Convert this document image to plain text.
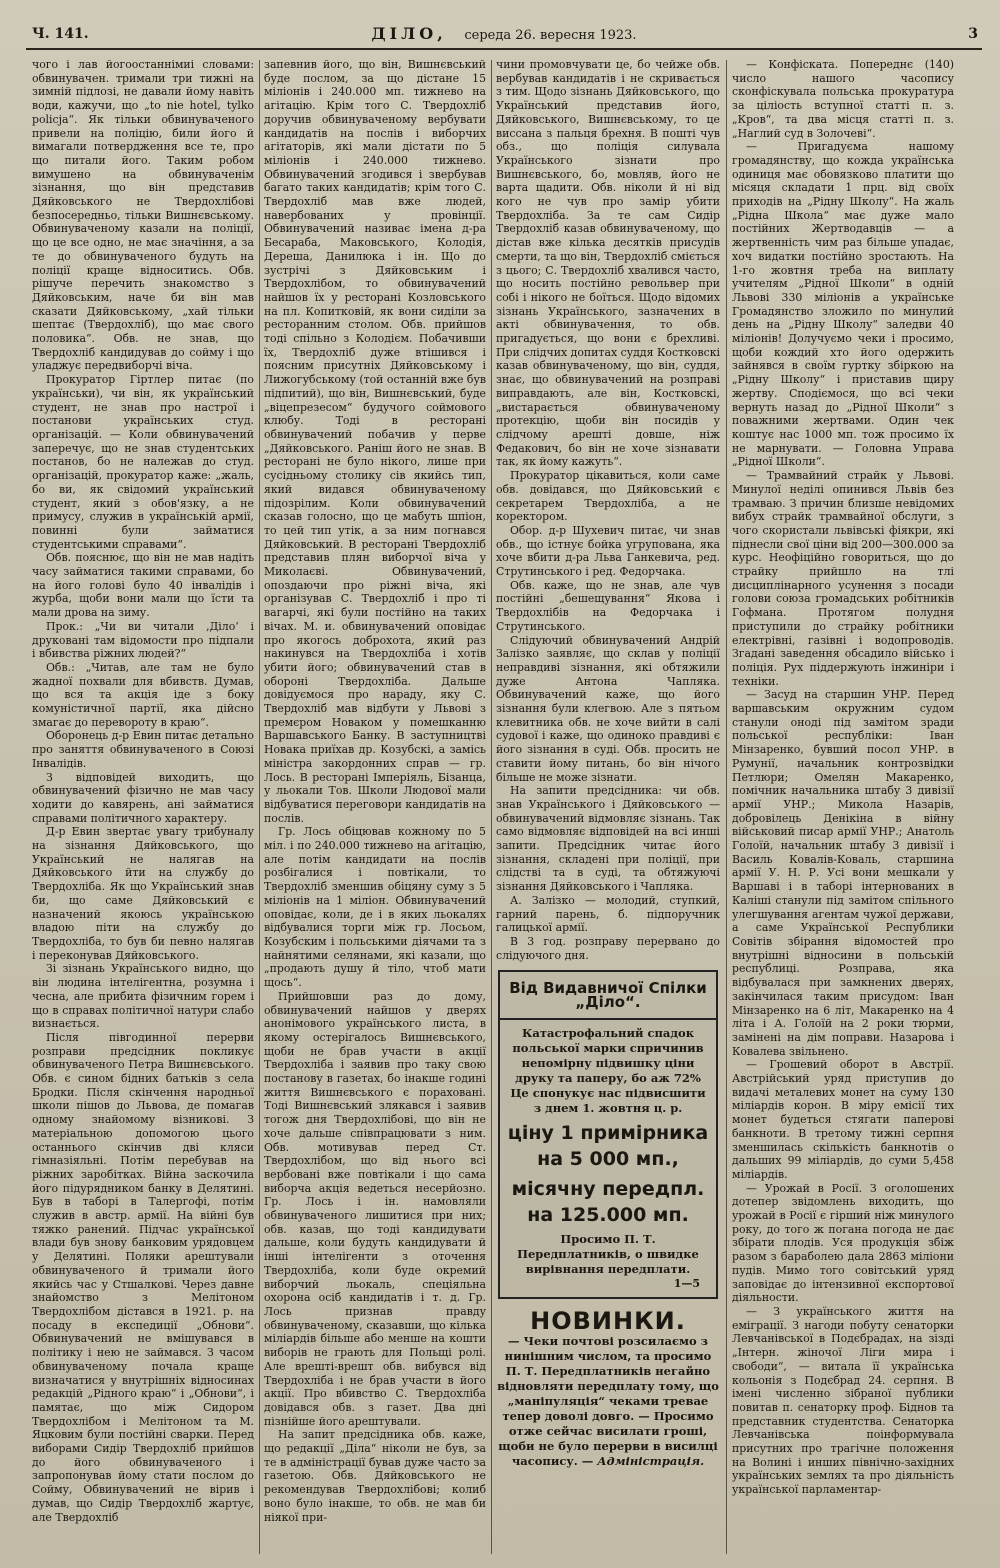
Ч. 141.	ДІЛО, середа 26. вересня 1923.	3

чого і лав йогоостаннімиі словами: обвинувачен. тримали три тижні на зимній підлозі, не давали йому навіть води, кажучи, що „to nie hotel, tylko policja“. Як тільки обвинуваченого привели на поліцію, били його й вимагали потвердження все те, про що питали його. Таким робом вимушено на обвинуваченім зізнання, що він представив Дяйковського не Твердохлібові безпосередньо, тільки Вишнєвському. Обвинуваченому казали на поліції, що це все одно, не має значіння, а за те до обвинуваченого будуть на поліції краще відноситись. Обв. рішуче перечить знакомство з Дяйковським, наче би він мав сказати Дяйковському, „хай тільки шептає (Твердохліб), що має свого половика“. Обв. не знав, що Твердохліб кандидував до сойму і що уладжує передвиборчі віча.

Прокуратор Гіртлер питає (по українськи), чи він, як український студент, не знав про настрої і постанови українських студ. організацій. — Коли обвинувачений заперечує, що не знав студентських постанов, бо не належав до студ. організацій, прокуратор каже: „жаль, бо ви, як свідомий український студент, який з обов'язку, а не примусу, служив в українській армії, повинні були займатися студентськими справами“.

Обв. пояснює, що він не мав надіть часу займатися такими справами, бо на його голові було 40 інвалідів і журба, щоби вони мали що їсти та мали дрова на зиму.

Прок.: „Чи ви читали ‚Діло‘ і друковані там відомости про підпали і вбивства ріжних людей?“

Обв.: „Читав, але там не було жадної похвали для вбивств. Думав, що вся та акція іде з боку комуністичної партії, яка дійсно змагає до перевороту в краю“.

Оборонець д-р Евин питає детально про заняття обвинуваченого в Союзі Інвалідів.

З відповідей виходить, що обвинувачений фізично не мав часу ходити до кавярень, ані займатися справами політичного характеру.

Д-р Евин звертає увагу трибуналу на зізнання Дяйковського, що Український не налягав на Дяйковського йти на службу до Твердохліба. Як що Український знав би, що саме Дяйковський є назначений якоюсь українською владою піти на службу до Твердохліба, то був би певно налягав і переконував Дяйковського.

Зі зізнань Українського видно, що він людина інтелігентна, розумна і чесна, але прибита фізичним горем і що в справах політичної натури слабо визнається.

Після півгодинної перерви розправи предсідник покликує обвинуваченого Петра Вишнєвського. Обв. є сином бідних батьків з села Бродки. Після скінчення народньої школи пішов до Львова, де помагав одному знайомому візникові. З матеріальною допомогою цього останнього скінчив дві кляси гімназіяльні. Потім перебував на ріжних заробітках. Війна заскочила його підурядником банку в Делятині. Був в таборі в Талергофі, потім служив в австр. армії. На війні був тяжко ранений. Підчас української влади був знову банковим урядовцем у Делятині. Поляки арештували обвинуваченого й тримали його якийсь час у Стшалкові. Через давне знайомство з Мелітоном Твердохлібом дістався в 1921. р. на посаду в експедиції „Обнови“. Обвинувачений не вмішувався в політику і нею не займався. З часом обвинуваченому почала краще визначатися у внутрішніх відносинах редакцій „Рідного краю“ і „Обнови“, і памятає, що між Сидором Твердохлібом і Мелітоном та М. Яцковим були постійні сварки. Перед виборами Сидір Твердохліб прийшов до його обвинуваченого і запропонував йому стати послом до Сойму, Обвинувачений не вірив і думав, що Сидір Твердохліб жартує, але Твердохліб

запевнив його, що він, Вишнєвський буде послом, за що дістане 15 міліонів і 240.000 мп. тижнево на агітацію. Крім того С. Твердохліб доручив обвинуваченому вербувати кандидатів на послів і виборчих агітаторів, які мали дістати по 5 міліонів і 240.000 тижнево. Обвинувачений згодився і звербував багато таких кандидатів; крім того С. Твердохліб мав вже людей, навербованих у провінції. Обвинувачений називає імена д-ра Бесараба, Маковського, Колодія, Дереша, Данилюка і ін. Що до зустрічі з Дяйковським і Твердохлібом, то обвинувачений найшов їх у ресторані Козловського на пл. Копитковій, як вони сиділи за ресторанним столом. Обв. прийшов тоді спільно з Колодієм. Побачивши їх, Твердохліб дуже втішився і поясним присутніх Дяйковському і Лижогубському (той останній вже був підпитий), що він, Вишнєвський, буде „віцепрезесом“ будучого соймового клюбу. Тоді в ресторані обвинувачений побачив у перве „Дяйковського. Раніш його не знав. В ресторані не було нікого, лише при сусідньому столику сів якийсь тип, який видався обвинуваченому підозрілим. Коли обвинувачений сказав голосно, що це мабуть шпіон, то цей тип утік, а за ним погнався Дяйковський. В ресторані Твердохліб представив плян виборчої віча у Миколаєві. Обвинувачений, опоздаючи про ріжні віча, які організував С. Твердохліб і про ті вагарчі, які були постійно на таких вічах. М. и. обвинувачений оповідає про якогось доброхота, який раз накинувся на Твердохліба і хотів убити його; обвинувачений став в обороні Твердохліба. Дальше довідуємося про нараду, яку С. Твердохліб мав відбути у Львові з премєром Новаком у помешканню Варшавського Банку. В заступництві Новака приїхав др. Козубскі, а замісь міністра закордонних справ — гр. Лось. В ресторані Імперіяль, Бізанца, у льокали Тов. Школи Людової мали відбуватися переговори кандидатів на послів.

Гр. Лось обіцював кожному по 5 міл. і по 240.000 тижнево на агітацію, але потім кандидати на послів розбігалися і повтікали, то Твердохліб зменшив обіцяну суму з 5 міліонів на 1 міліон. Обвинувачений оповідає, коли, де і в яких льокалях відбувалися торги між гр. Лосьом, Козубским і польськими діячами та з найнятими селянами, які казали, що „продають душу й тіло, чтоб мати щось“.

Прийшовши раз до дому, обвинувачений найшов у дверях анонімового українського листа, в якому остерігалось Вишнєвського, щоби не брав участи в акції Твердохліба і заявив про таку свою постанову в газетах, бо інакше годині життя Вишнєвського є пораховані. Тоді Вишнєвський злякався і заявив тогож дня Твердохлібові, що він не хоче дальше співпрацювати з ним. Обв. мотивував перед Ст. Твердохлібом, що від нього всі вербовані вже повтікали і що сама виборча акція ведеться несерйозно. Гр. Лось і ін. намовляли обвинуваченого лишитися при них; обв. казав, що тоді кандидувати дальше, коли будуть кандидувати й інші інтелігенти з оточення Твердохліба, коли буде окремий виборчий льокаль, спеціяльна охорона осіб кандидатів і т. д. Гр. Лось признав правду обвинуваченому, сказавши, що кілька міліардів більше або менше на кошти виборів не грають для Польщі ролі. Але врешті-врешт обв. вибувся від Твердохліба і не брав участи в його акції. Про вбивство С. Твердохліба довідався обв. з газет. Два дні пізнійше його арештували.

На запит предсідника обв. каже, що редакції „Діла“ ніколи не був, за те в адміністрації бував дуже часто за газетою. Обв. Дяйковського не рекомендував Твердохлібові; колиб воно було інакше, то обв. не мав би ніякої при-

чини промовчувати це, бо чейже обв. вербував кандидатів і не скривається з тим. Щодо зізнань Дяйковського, що Український представив його, Дяйковського, Вишнєвському, то це виссана з пальця брехня. В пошті чув обз., що поліція силувала Українського зізнати про Вишнєвського, бо, мовляв, його не варта щадити. Обв. ніколи й ні від кого не чув про замір убити Твердохліба. За те сам Сидір Твердохліб казав обвинуваченому, що дістав вже кілька десятків присудів смерти, та що він, Твердохліб сміється з цього; С. Твердохліб хвалився часто, що носить постійно револьвер при собі і нікого не боїться. Щодо відомих зізнань Українського, зазначених в акті обвинувачення, то обв. пригадується, що вони є брехливі. При слідчих допитах суддя Костковскі казав обвинуваченому, що він, суддя, знає, що обвинувачений на розправі виправдають, але він, Костковскі, „вистарається обвинуваченому протекцію, щоби він посидів у слідчому арешті довше, ніж Федакович, бо він не хоче зізнавати так, як йому кажуть“.

Прокуратор цікавиться, коли саме обв. довідався, що Дяйковський є секретарем Твердохліба, а не коректором.

Обор. д-р Шухевич питає, чи знав обв., що істнує бойка угрупована, яка хоче вбити д-ра Льва Ганкевича, ред. Струтинського і ред. Федорчака.

Обв. каже, що не знав, але чув постійні „бешещування“ Якова і Твердохлібів на Федорчака і Струтинського.

Слідуючий обвинувачений Андрій Залізко заявляє, що склав у поліції неправдиві зізнання, які обтяжили дуже Антона Чапляка. Обвинувачений каже, що його зізнання були клегвою. Але з пятьом клевитника обв. не хоче вийти в салі судової і каже, що одиноко правдиві є його зізнання в суді. Обв. просить не ставити йому питань, бо він нічого більше не може зізнати.

На запити предсідника: чи обв. знав Українського і Дяйковського — обвинувачений відмовляє зізнань. Так само відмовляє відповідей на всі инші запити. Предсідник читає його зізнання, складені при поліції, при слідстві та в суді, та обтяжуючі зізнання Дяйковського і Чапляка.

А. Залізко — молодий, ступкий, гарний парень, б. підпоручник галицької армії.

В 3 год. розправу перервано до слідуючого дня.

Від Видавничої Спілки „Діло“.
Катастрофальний спадок польської марки спричинив непомірну підвишку ціни друку та паперу, бо аж 72% Це спонукує нас підвисшити з днем 1. жовтня ц. р.
ціну 1 примірника на 5 000 мп.,
місячну передпл. на 125.000 мп.
Просимо П. Т. Передплатників, о швидке вирівнання передплати.
1—5
НОВИНКИ.
— Чеки почтові розсилаємо з нинішним числом, та просимо П. Т. Передплатників негайно відновляти передплату тому, що „маніпуляція“ чеками тревае тепер доволі довго. — Просимо отже сейчас висилати гроші, щоби не було перерви в висилці часопису. — Адміністрація.

— Конфіската. Попереднє (140) число нашого часопису сконфіскувала польська прокуратура за ціліость вступної статті п. з. „Кров“, та два місця статті п. з. „Наглий суд в Золочеві“.

— Пригадуєма нашому громадянству, що кожда українська одиниця має обовязково платити що місяця складати 1 прц. від своїх приходів на „Рідну Школу“. На жаль „Рідна Школа“ має дуже мало постійних Жертводавців — а жертвенність чим раз більше упадає, хоч видатки постійно зростають. На 1-го жовтня треба на виплату учителям „Рідної Школи“ в одній Львові 330 міліонів а українське Громадянство зложило по минулий день на „Рідну Школу“ заледви 40 міліонів! Долучуємо чеки і просимо, щоби кождий хто його одержить зайнявся в своїм гуртку збіркою на „Рідну Школу“ і приставив щиру жертву. Сподіємося, що всі чеки вернуть назад до „Рідної Школи“ з поважними жертвами. Один чек коштує нас 1000 мп. тож просимо їх не марнувати. — Головна Управа „Рідної Школи“.

— Трамвайний страйк у Львові. Минулої неділі опинився Львів без трамваю. З причин близше невідомих вибух страйк трамвайної обслуги, з чого скористали львівські фіякри, які піднесли свої ціни від 200—300.000 за курс. Неофіційно говориться, що до страйку прийшло на тлі дисциплінарного усунення з посади голови союза громадських робітників Гофмана. Протягом полудня приступили до страйку робітники електрівні, газівні і водопроводів. Згадані заведення обсадило військо і поліція. Рух піддержують інжиніри і техніки.

— Засуд на старшин УНР. Перед варшавським окружним судом станули оноді під замітом зради польської республіки: Іван Мінзаренко, бувший посол УНР. в Румунії, начальник контрозвідки Петлюри; Омелян Макаренко, помічник начальника штабу 3 дивізії армії УНР.; Микола Назарів, добровілець Денікіна в війну військовий писар армії УНР.; Анатоль Голоїй, начальник штабу 3 дивізії і Василь Ковалів-Коваль, старшина армії У. Н. Р. Усі вони мешкали у Варшаві і в таборі інтернованих в Каліші станули під замітом спільного улегшування агентам чужої держави, а саме Української Республики Совітів збірання відомостей про внутрішні відносини в польській республиці. Розправа, яка відбувалася при замкнених дверях, закінчилася таким присудом: Іван Мінзаренко на 6 літ, Макаренко на 4 літа і А. Голоїй на 2 роки тюрми, замінені на дім поправи. Назарова і Ковалева звільнено.

— Грошевий оборот в Австрії. Австрійський уряд приступив до видачі металевих монет на суму 130 міліардів корон. В міру емісії тих монет будеться стягати паперові банкноти. В третому тижні серпня зменшилась скількість банкнотів о дальших 99 міліардів, до суми 5,458 міліардів.

— Урожай в Росії. З оголошених дотепер звідомлень виходить, що урожай в Росії є гірший ніж минулого року, до того ж погана погода не дає збірати плодів. Уся продукція збіж разом з бараболею дала 2863 міліони пудів. Мимо того совітський уряд заповідає до інтензивної експортової діяльности.

— З українського життя на еміграції. З нагоди побуту сенаторки Левчанівської в Подєбрадах, на зізді „Інтерн. жіночої Ліги мира і свободи“, — витала її українська кольонія з Подєбрад 24. серпня. В імені численно зібраної публики повитав п. сенаторку проф. Біднов та представник студентства. Сенаторка Левчанівська поінформувала присутних про трагічне положення на Волині і инших північно-західних українських землях та про діяльність української парламентар-
